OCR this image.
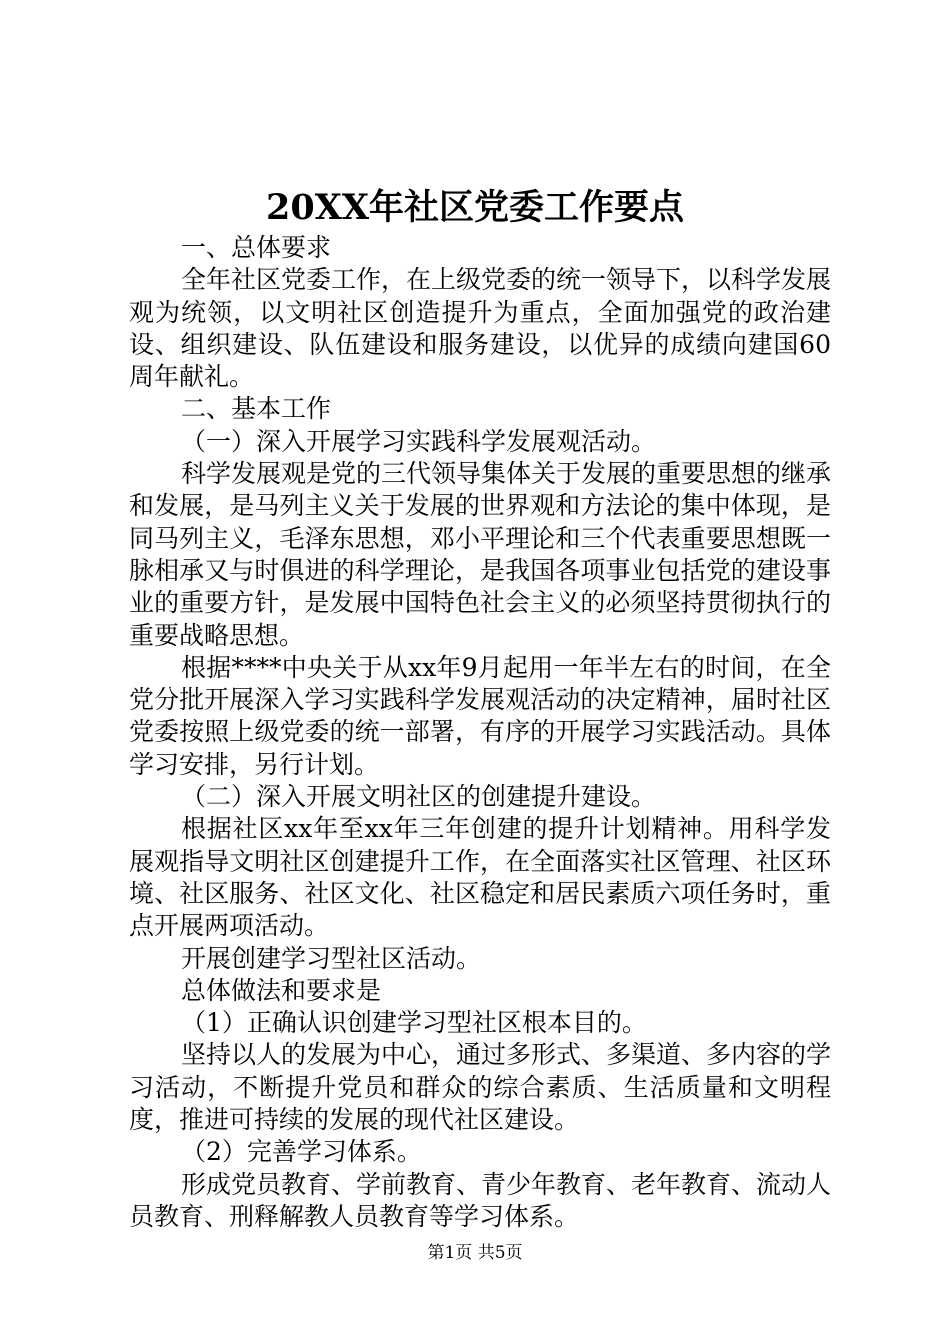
20XX年社区党委工作要点

一、总体要求

全年社区党委工作，在上级党委的统一领导下，以科学发展观为统领，以文明社区创造提升为重点，全面加强党的政治建设、组织建设、队伍建设和服务建设，以优异的成绩向建国60周年献礼。

二、基本工作

（一）深入开展学习实践科学发展观活动。

科学发展观是党的三代领导集体关于发展的重要思想的继承和发展，是马列主义关于发展的世界观和方法论的集中体现，是同马列主义，毛泽东思想，邓小平理论和三个代表重要思想既一脉相承又与时俱进的科学理论，是我国各项事业包括党的建设事业的重要方针，是发展中国特色社会主义的必须坚持贯彻执行的重要战略思想。

根据****中央关于从xx年9月起用一年半左右的时间，在全党分批开展深入学习实践科学发展观活动的决定精神，届时社区党委按照上级党委的统一部署，有序的开展学习实践活动。具体学习安排，另行计划。

（二）深入开展文明社区的创建提升建设。

根据社区xx年至xx年三年创建的提升计划精神。用科学发展观指导文明社区创建提升工作，在全面落实社区管理、社区环境、社区服务、社区文化、社区稳定和居民素质六项任务时，重点开展两项活动。

开展创建学习型社区活动。

总体做法和要求是

（1）正确认识创建学习型社区根本目的。

坚持以人的发展为中心，通过多形式、多渠道、多内容的学习活动，不断提升党员和群众的综合素质、生活质量和文明程度，推进可持续的发展的现代社区建设。

（2）完善学习体系。

形成党员教育、学前教育、青少年教育、老年教育、流动人员教育、刑释解教人员教育等学习体系。

第1页 共5页
